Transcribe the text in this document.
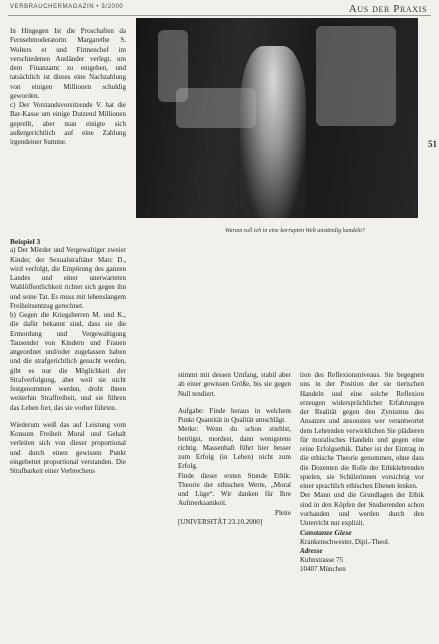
VERBRAUCHERMAGAZIN • 3/2000	Aus der Praxis

In Hingegen Ist die Proschaften da Fernsehmoderatorin Margarethe S. Wolters et und Firmenchef im verschiedenen Ausländer verlegt, um dem Finanzamt zu entgehen, und tatsächlich ist dieses eine Nachzahlung von einigen Millionen schuldig geworden.

c) Der Vorstandsvorsitzende V. hat die Bar-Kasse um einige Dutzend Millionen geprellt, aber man einigte sich außergerichtlich auf eine Zahlung irgendeiner Summe.

Warum soll ich in eine korrupten Welt anständig handeln?
51

Beispiel 3

a) Der Mörder und Vergewaltiger zweier Kinder, der Sexualstraftäter Marc D., wird verfolgt, die Empörung des ganzen Landes und einer unerwarteten Wahlöffentlichkeit richtet sich gegen ihn und seine Tat. Es muss mit lebenslangem Freiheitsentzug gerechnet.

b) Gegen die Kriegsherren M. und K., die dafür bekannt sind, dass sie die Ermordung und Vergewaltigung Tausender von Kindern und Frauen angeordnet und/oder zugelassen haben und die strafgerichtlich gesucht werden, gibt es nur die Möglichkeit der Strafverfolgung, aber weil sie nicht festgenommen werden, droht ihnen weiterhin Straffreiheit, und sie führen das Leben fort, das sie vorher führten.

Wiederum weiß das auf Leistung vom Konsum Freiheit Moral und Gehalt verleiten sich von dieser proportional und durch einen gewissen Punkt eingebettet proportional verstanden. Die Strafbarkeit einer Verbrechens

stimmt mit dessen Umfang, stabil aber ab einer gewissen Größe, bis sie gegen Null tendiert.

Aufgabe: Finde heraus in welchem Punkt Quantität in Qualität umschlägt.

Merke: Wenn du schon stiehlst, betrügst, mordest, dann wenigstens richtig. Massenhaft führt hier besser zum Erfolg (in Leben) nicht zum Erfolg.

Finde dieser ersten Stunde Ethik: Theorie der ethischen Werte, „Moral und Lüge“. Wir danken für Ihre Aufmerksamkeit.

Pleite

[UNIVERSITÄT 23.10.2000]

tion des Reflexionsniveaus. Sie begegnen uns in der Position der sie tierischen Handeln und eine solche Reflexion erzeugen widersprüchlicher Erfahrungen der Realität gegen den Zynismus des Ansatzes und ansonsten wer verantwortet dem Lehrenden verwirklichen Sie plädieren für moralisches Handeln und gegen eine reine Erfolgsethik. Daher ist der Eintrag in die ethische Theorie genommen, ohne dass die Dozenten die Rolle der Ethiklehrenden spielen, sie Schülerinnen vorsichtig vor einer sprachlich ethischen Ebenen lenken.

Der Mann und die Grundlagen der Ethik sind in den Köpfen der Studierenden schon vorhanden und werden durch den Unterricht nur explizit.

Constanze Giese

Krankenschwester, Dipl.-Theol.

Adresse

Kuhnstrasse 75

10407 München
